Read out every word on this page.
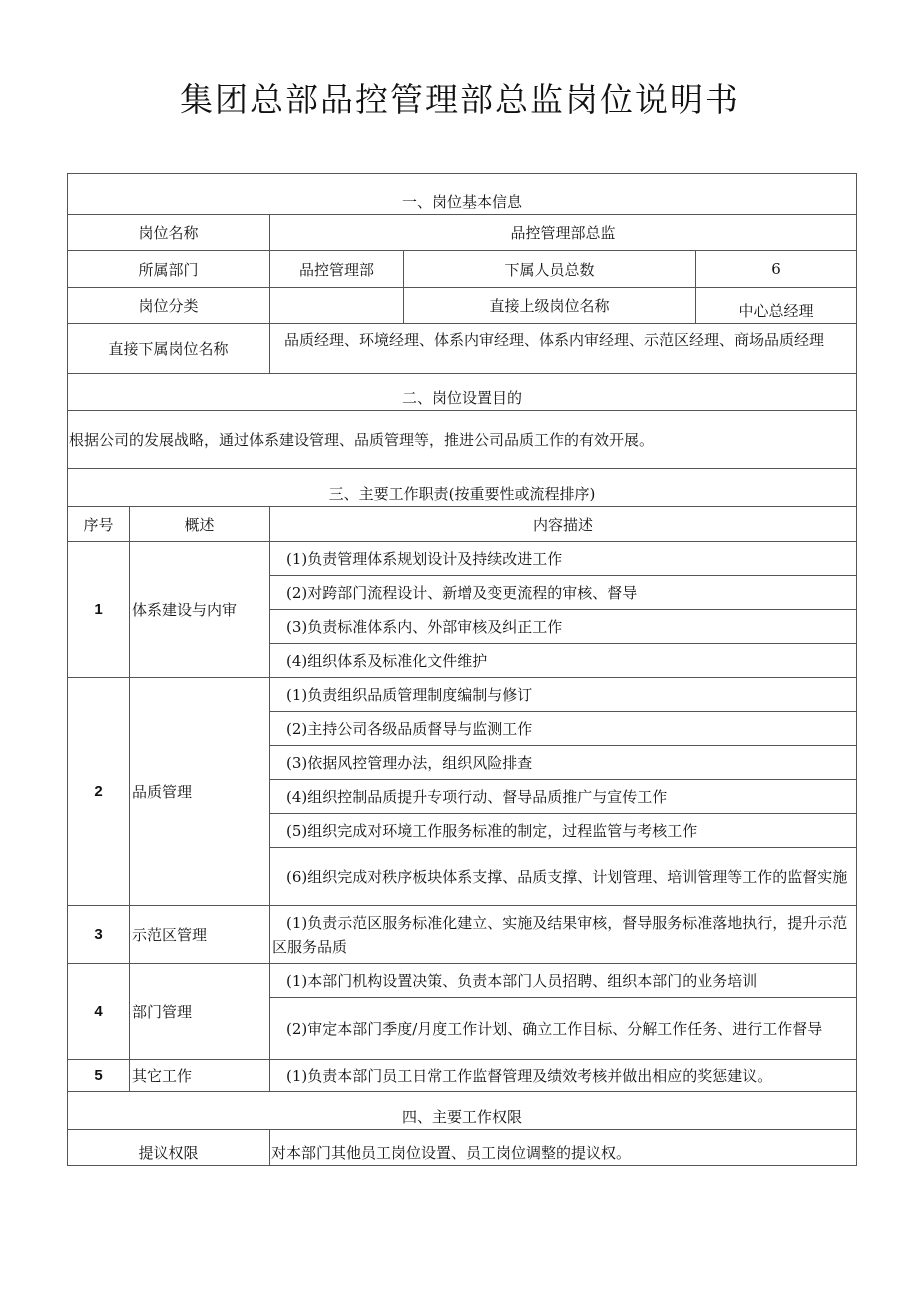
集团总部品控管理部总监岗位说明书
一、岗位基本信息				
岗位名称		品控管理部总监		
所属部门		品控管理部	下属人员总数	6
岗位分类			直接上级岗位名称	中心总经理
直接下属岗位名称		品质经理、环境经理、体系内审经理、体系内审经理、示范区经理、商场品质经理		
二、岗位设置目的				
根据公司的发展战略，通过体系建设管理、品质管理等，推进公司品质工作的有效开展。				
三、主要工作职责(按重要性或流程排序)				
序号	概述	内容描述		
1	体系建设与内审	(1)负责管理体系规划设计及持续改进工作		
		(2)对跨部门流程设计、新增及变更流程的审核、督导		
		(3)负责标准体系内、外部审核及纠正工作		
		(4)组织体系及标准化文件维护		
2	品质管理	(1)负责组织品质管理制度编制与修订		
		(2)主持公司各级品质督导与监测工作		
		(3)依据风控管理办法，组织风险排查		
		(4)组织控制品质提升专项行动、督导品质推广与宣传工作		
		(5)组织完成对环境工作服务标准的制定，过程监管与考核工作		
		(6)组织完成对秩序板块体系支撑、品质支撑、计划管理、培训管理等工作的监督实施		
3	示范区管理	(1)负责示范区服务标准化建立、实施及结果审核，督导服务标准落地执行，提升示范区服务品质		
4	部门管理	(1)本部门机构设置决策、负责本部门人员招聘、组织本部门的业务培训		
		(2)审定本部门季度/月度工作计划、确立工作目标、分解工作任务、进行工作督导		
5	其它工作	(1)负责本部门员工日常工作监督管理及绩效考核并做出相应的奖惩建议。		
四、主要工作权限				
提议权限		对本部门其他员工岗位设置、员工岗位调整的提议权。		
